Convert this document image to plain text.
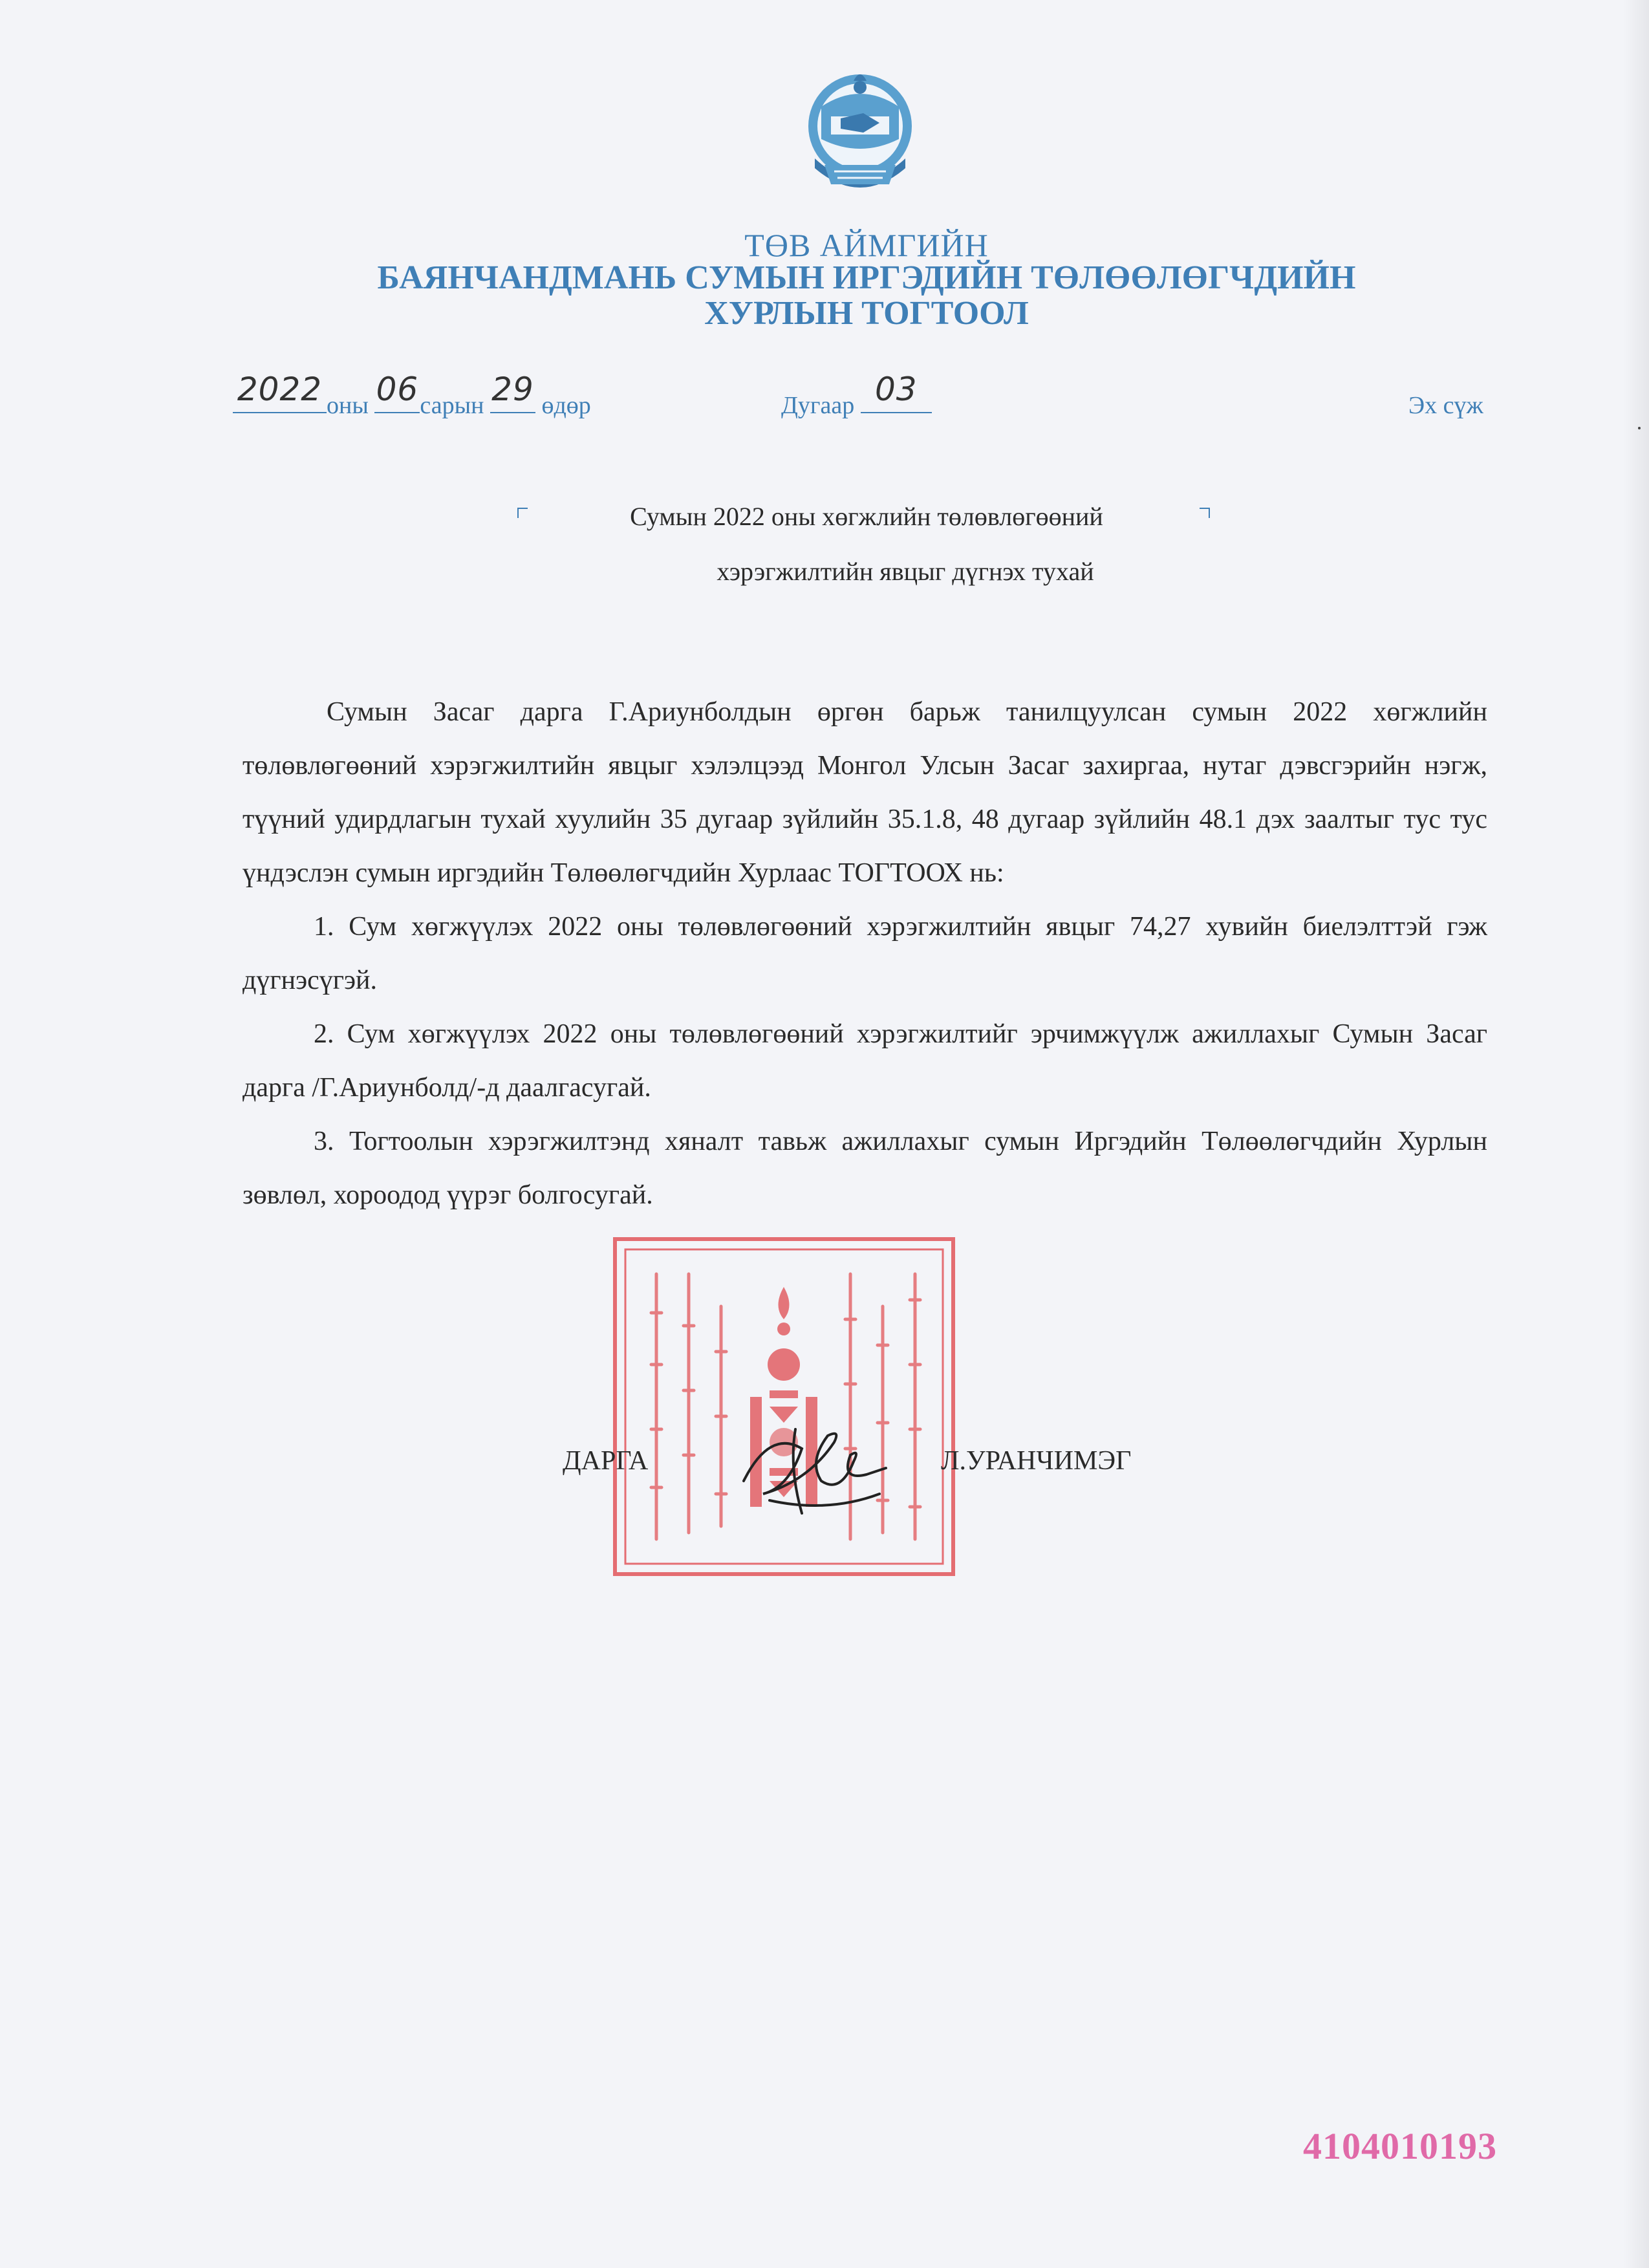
ТӨВ АЙМГИЙН
БАЯНЧАНДМАНЬ СУМЫН ИРГЭДИЙН ТӨЛӨӨЛӨГЧДИЙН
ХУРЛЫН ТОГТООЛ
2022 оны 06 сарын 29 өдөр	Дугаар 03	Эх сүж
Сумын 2022 оны хөгжлийн төлөвлөгөөний
хэрэгжилтийн явцыг дүгнэх тухай

Сумын Засаг дарга Г.Ариунболдын өргөн барьж танилцуулсан сумын 2022 хөгжлийн төлөвлөгөөний хэрэгжилтийн явцыг хэлэлцээд Монгол Улсын Засаг захиргаа, нутаг дэвсгэрийн нэгж, түүний удирдлагын тухай хуулийн 35 дугаар зүйлийн 35.1.8, 48 дугаар зүйлийн 48.1 дэх заалтыг тус тус үндэслэн сумын иргэдийн Төлөөлөгчдийн Хурлаас ТОГТООХ нь:

1. Сум хөгжүүлэх 2022 оны төлөвлөгөөний хэрэгжилтийн явцыг 74,27 хувийн биелэлттэй гэж дүгнэсүгэй.

2. Сум хөгжүүлэх 2022 оны төлөвлөгөөний хэрэгжилтийг эрчимжүүлж ажиллахыг Сумын Засаг дарга /Г.Ариунболд/-д даалгасугай.

3. Тогтоолын хэрэгжилтэнд хяналт тавьж ажиллахыг сумын Иргэдийн Төлөөлөгчдийн Хурлын зөвлөл, хороодод үүрэг болгосугай.

ДАРГА	Л.УРАНЧИМЭГ
4104010193
